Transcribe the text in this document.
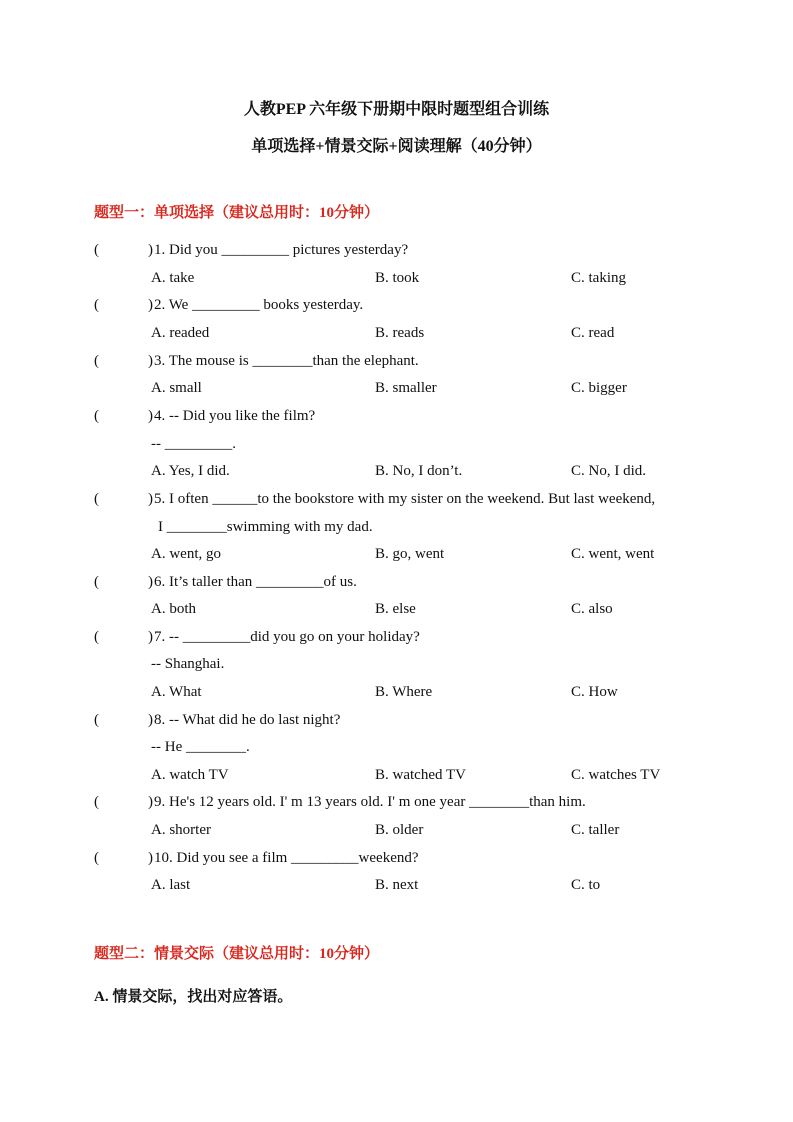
人教PEP 六年级下册期中限时题型组合训练
单项选择+情景交际+阅读理解（40分钟）
题型一：单项选择（建议总用时：10分钟）
(	) 1. Did you _________ pictures yesterday?
A. take	B. took	C. taking
(	) 2. We _________ books yesterday.
A. readed	B. reads	C. read
(	) 3. The mouse is ________than the elephant.
A. small	B. smaller	C. bigger
(	) 4. -- Did you like the film?
-- _________.
A. Yes, I did.	B. No, I don’t.	C. No, I did.
(	) 5. I often ______to the bookstore with my sister on the weekend. But last weekend,
I ________swimming with my dad.
A. went, go	B. go, went	C. went, went
(	) 6. It’s taller than _________of us.
A. both	B. else	C. also
(	) 7. -- _________did you go on your holiday?
-- Shanghai.
A. What	B. Where	C. How
(	) 8. -- What did he do last night?
-- He ________.
A. watch TV	B. watched TV	C. watches TV
(	) 9. He's 12 years old. I' m 13 years old. I' m one year ________than him.
A. shorter	B. older	C. taller
(	) 10. Did you see a film _________weekend?
A. last	B. next	C. to
题型二：情景交际（建议总用时：10分钟）
A. 情景交际，找出对应答语。
